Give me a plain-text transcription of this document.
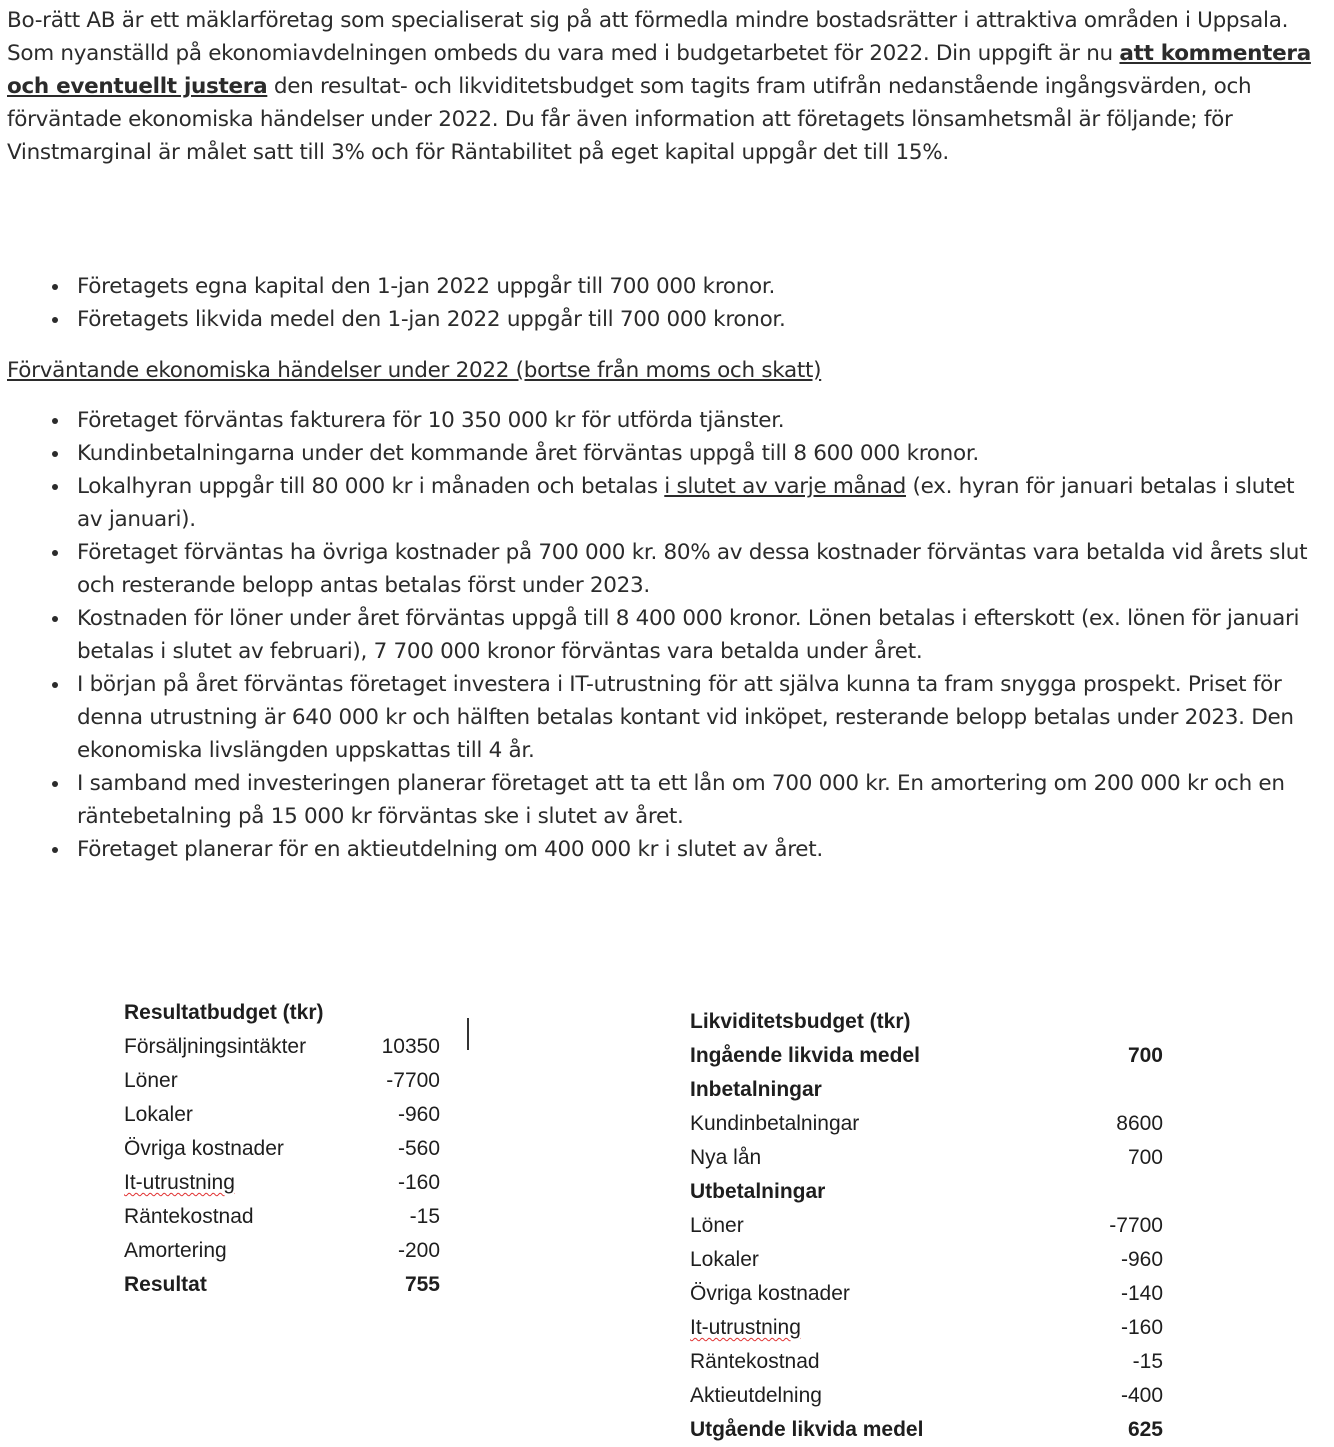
Bo-rätt AB är ett mäklarföretag som specialiserat sig på att förmedla mindre bostadsrätter i attraktiva områden i Uppsala. Som nyanställd på ekonomiavdelningen ombeds du vara med i budgetarbetet för 2022. Din uppgift är nu att kommentera och eventuellt justera den resultat- och likviditetsbudget som tagits fram utifrån nedanstående ingångsvärden, och förväntade ekonomiska händelser under 2022. Du får även information att företagets lönsamhetsmål är följande; för Vinstmarginal är målet satt till 3% och för Räntabilitet på eget kapital uppgår det till 15%.

Företagets egna kapital den 1-jan 2022 uppgår till 700 000 kronor.
Företagets likvida medel den 1-jan 2022 uppgår till 700 000 kronor.

Förväntande ekonomiska händelser under 2022 (bortse från moms och skatt)

Företaget förväntas fakturera för 10 350 000 kr för utförda tjänster.
Kundinbetalningarna under det kommande året förväntas uppgå till 8 600 000 kronor.
Lokalhyran uppgår till 80 000 kr i månaden och betalas i slutet av varje månad (ex. hyran för januari betalas i slutet av januari).
Företaget förväntas ha övriga kostnader på 700 000 kr. 80% av dessa kostnader förväntas vara betalda vid årets slut och resterande belopp antas betalas först under 2023.
Kostnaden för löner under året förväntas uppgå till 8 400 000 kronor. Lönen betalas i efterskott (ex. lönen för januari betalas i slutet av februari), 7 700 000 kronor förväntas vara betalda under året.
I början på året förväntas företaget investera i IT-utrustning för att själva kunna ta fram snygga prospekt. Priset för denna utrustning är 640 000 kr och hälften betalas kontant vid inköpet, resterande belopp betalas under 2023. Den ekonomiska livslängden uppskattas till 4 år.
I samband med investeringen planerar företaget att ta ett lån om 700 000 kr. En amortering om 200 000 kr och en räntebetalning på 15 000 kr förväntas ske i slutet av året.
Företaget planerar för en aktieutdelning om 400 000 kr i slutet av året.
Resultatbudget (tkr)
Försäljningsintäkter	10350
Löner	-7700
Lokaler	-960
Övriga kostnader	-560
It-utrustning	-160
Räntekostnad	-15
Amortering	-200
Resultat	755
Likviditetsbudget (tkr)
Ingående likvida medel	700
Inbetalningar
Kundinbetalningar	8600
Nya lån	700
Utbetalningar
Löner	-7700
Lokaler	-960
Övriga kostnader	-140
It-utrustning	-160
Räntekostnad	-15
Aktieutdelning	-400
Utgående likvida medel	625
